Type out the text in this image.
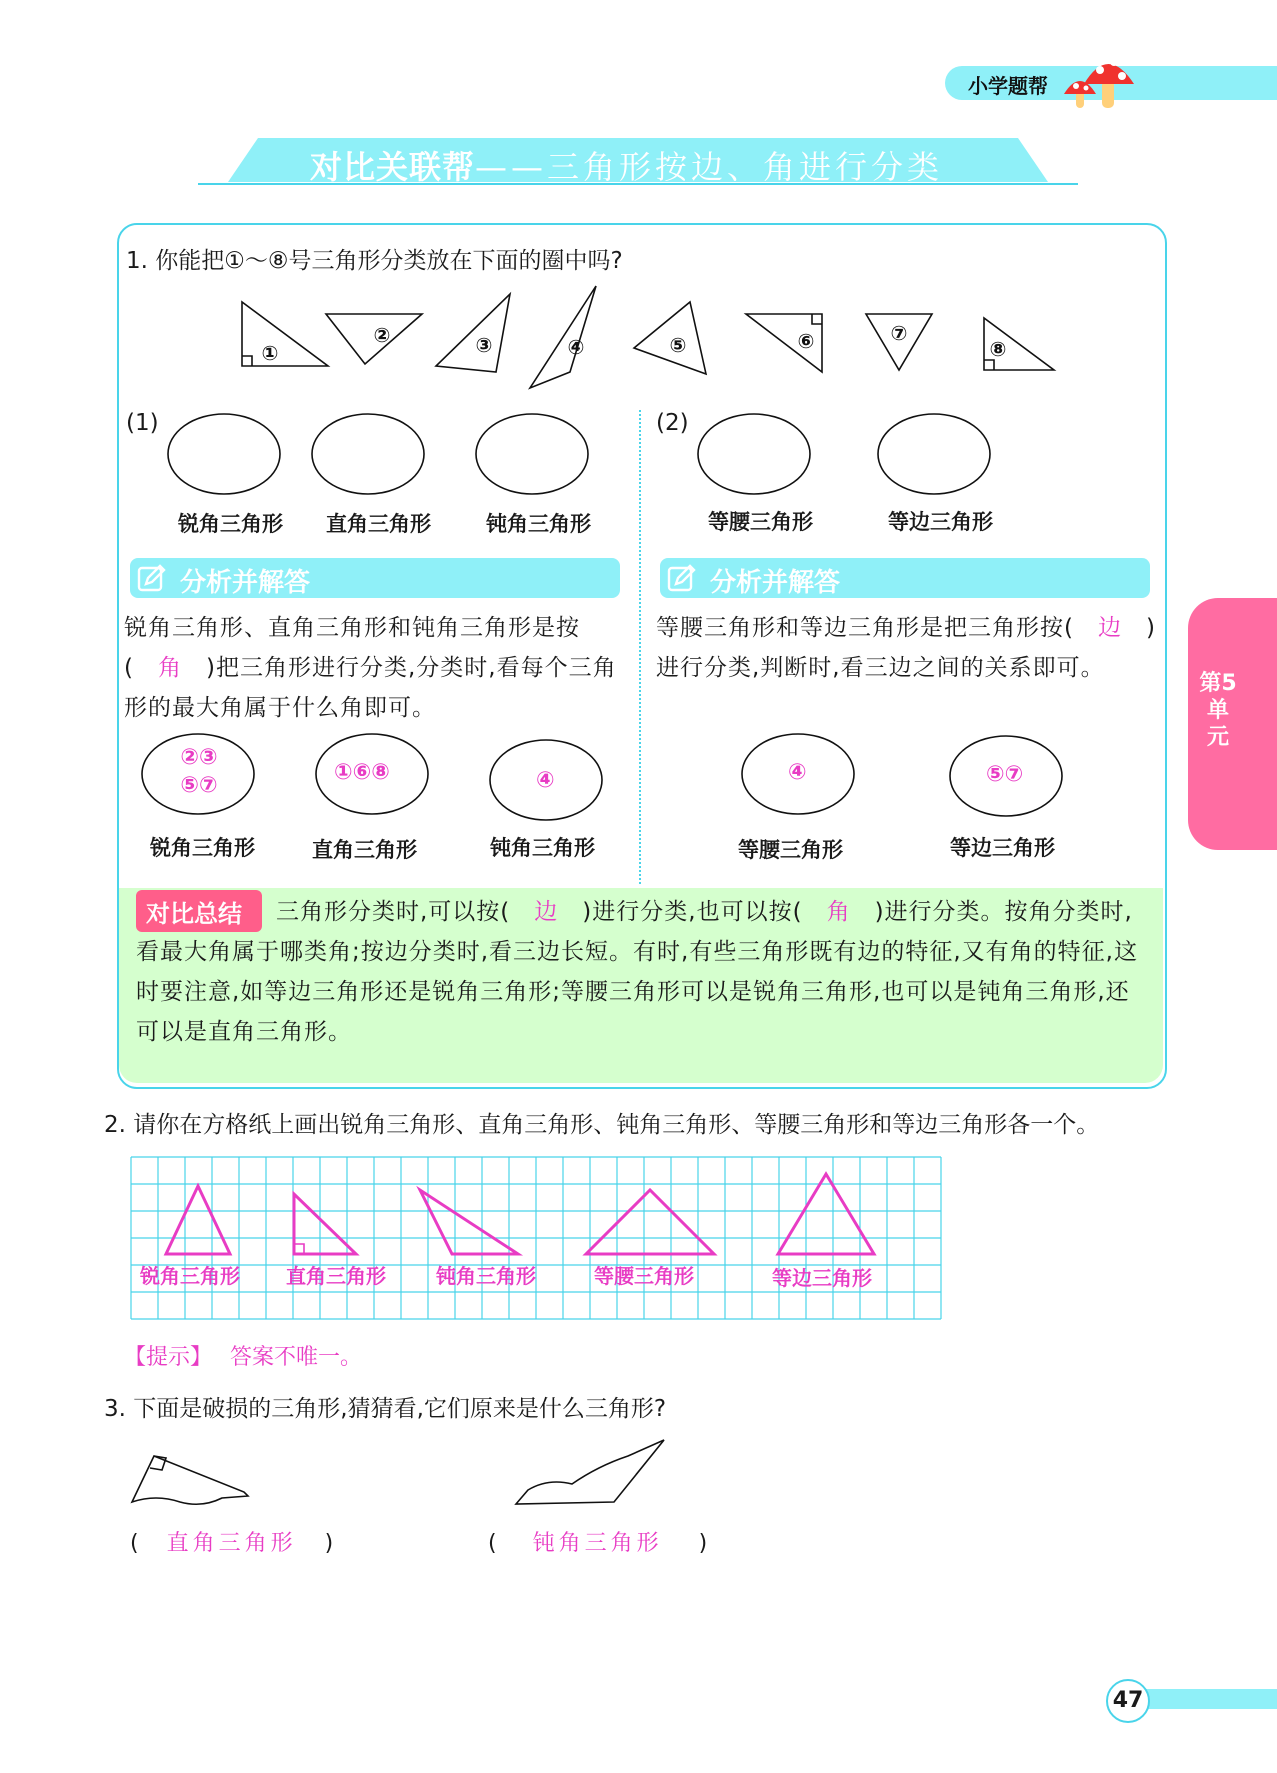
小学题帮
对比关联帮——三角形按边、角进行分类
1. 你能把①～⑧号三角形分类放在下面的圈中吗?
①
②	③	④	⑤	⑥	⑦
⑧
(1)
锐角三角形 直角三角形	钝角三角形
(2)
等腰三角形	等边三角形
分析并解答	分析并解答
锐角三角形、直角三角形和钝角三角形是按( 角 )把三角形进行分类,分类时,看每个三角形的最大角属于什么角即可。
等腰三角形和等边三角形是把三角形按( 边 )进行分类,判断时,看三边之间的关系即可。
②③⑤⑦
①⑥⑧	④
锐角三角形	直角三角形	钝角三角形
④	⑤⑦
等腰三角形	等边三角形
对比总结	三角形分类时,可以按( 边 )进行分类,也可以按( 角 )进行分类。按角分类时,看最大角属于哪类角;按边分类时,看三边长短。有时,有些三角形既有边的特征,又有角的特征,这时要注意,如等边三角形还是锐角三角形;等腰三角形可以是锐角三角形,也可以是钝角三角形,还可以是直角三角形。
2. 请你在方格纸上画出锐角三角形、直角三角形、钝角三角形、等腰三角形和等边三角形各一个。
锐角三角形 直角三角形	钝角三角形	等腰三角形	等边三角形
【提示】 答案不唯一。
3. 下面是破损的三角形,猜猜看,它们原来是什么三角形?
( 直角三角形 )	( 钝角三角形 )
第5单元
47
